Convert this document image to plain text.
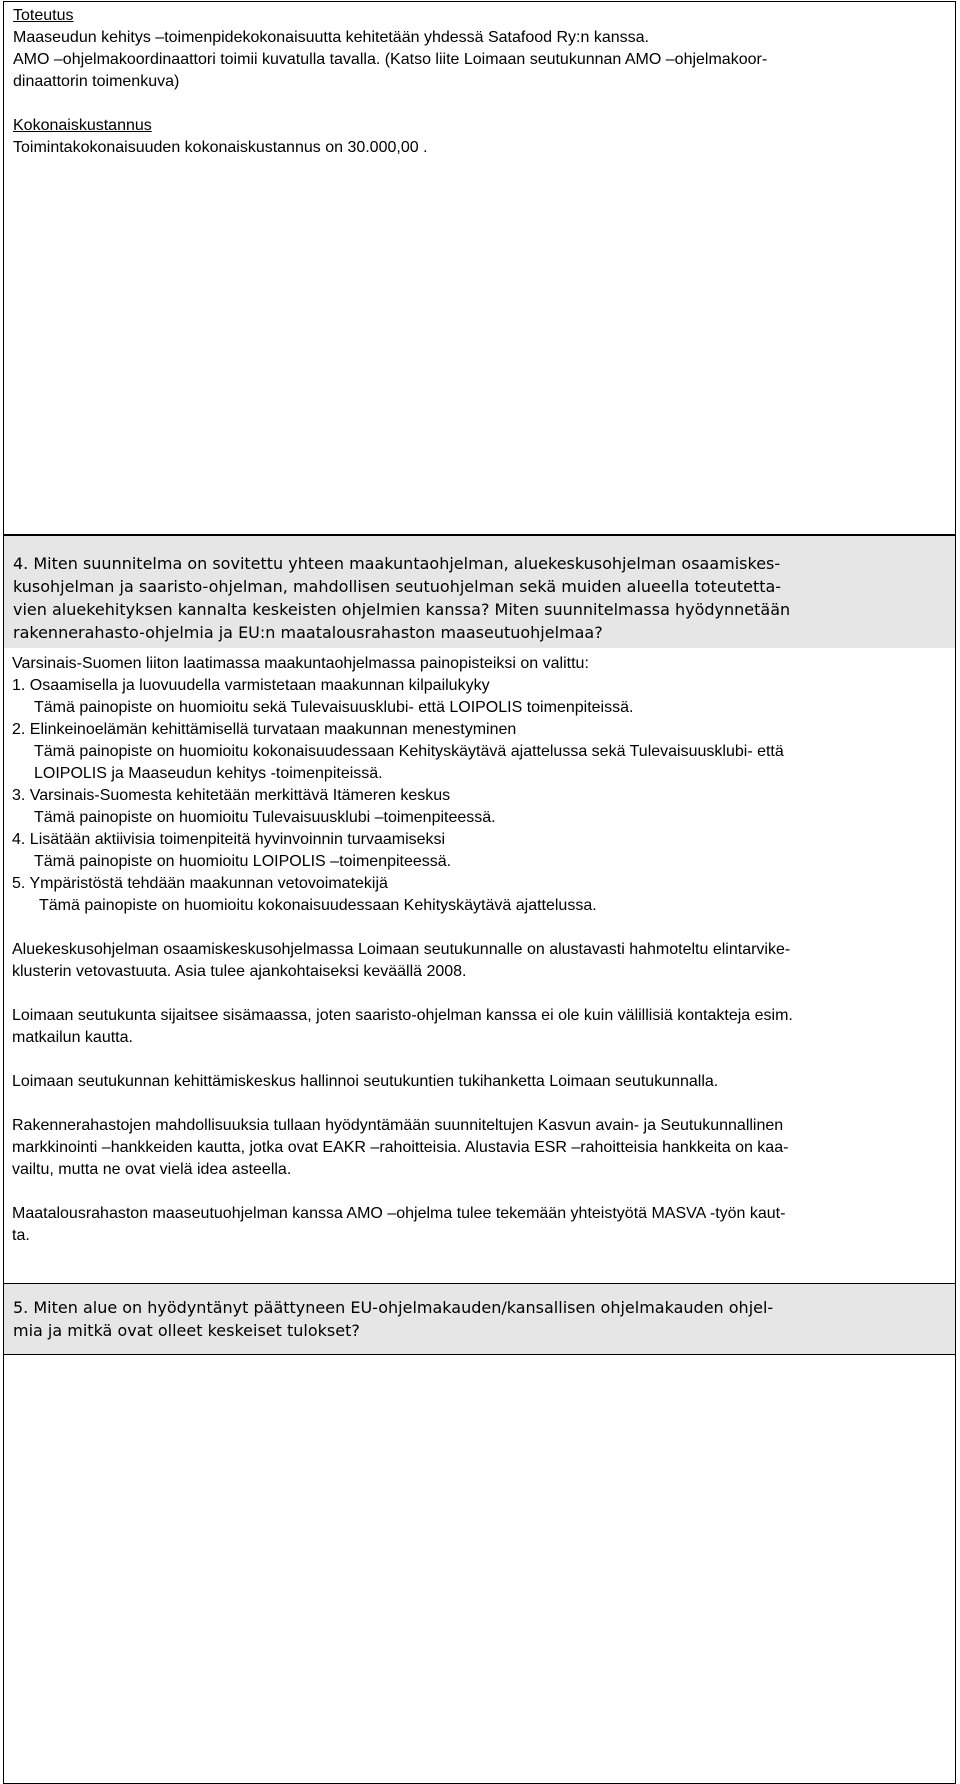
Toteutus
Maaseudun kehitys –toimenpidekokonaisuutta kehitetään yhdessä Satafood Ry:n kanssa.
AMO –ohjelmakoordinaattori toimii kuvatulla tavalla. (Katso liite Loimaan seutukunnan AMO –ohjelmakoor-
dinaattorin toimenkuva)
Kokonaiskustannus
Toimintakokonaisuuden kokonaiskustannus on 30.000,00 .
4. Miten suunnitelma on sovitettu yhteen maakuntaohjelman, aluekeskusohjelman osaamiskes-
kusohjelman ja saaristo-ohjelman, mahdollisen seutuohjelman sekä muiden alueella toteutetta-
vien aluekehityksen kannalta keskeisten ohjelmien kanssa? Miten suunnitelmassa hyödynnetään
rakennerahasto-ohjelmia ja EU:n maatalousrahaston maaseutuohjelmaa?
Varsinais-Suomen liiton laatimassa maakuntaohjelmassa painopisteiksi on valittu:
1. Osaamisella ja luovuudella varmistetaan maakunnan kilpailukyky
Tämä painopiste on huomioitu sekä Tulevaisuusklubi- että LOIPOLIS toimenpiteissä.
2. Elinkeinoelämän kehittämisellä turvataan maakunnan menestyminen
Tämä painopiste on huomioitu kokonaisuudessaan Kehityskäytävä ajattelussa sekä Tulevaisuusklubi- että
LOIPOLIS ja Maaseudun kehitys -toimenpiteissä.
3. Varsinais-Suomesta kehitetään merkittävä Itämeren keskus
Tämä painopiste on huomioitu Tulevaisuusklubi –toimenpiteessä.
4. Lisätään aktiivisia toimenpiteitä hyvinvoinnin turvaamiseksi
Tämä painopiste on huomioitu LOIPOLIS –toimenpiteessä.
5. Ympäristöstä tehdään maakunnan vetovoimatekijä
Tämä painopiste on huomioitu kokonaisuudessaan Kehityskäytävä ajattelussa.
Aluekeskusohjelman osaamiskeskusohjelmassa Loimaan seutukunnalle on alustavasti hahmoteltu elintarvike-
klusterin vetovastuuta. Asia tulee ajankohtaiseksi keväällä 2008.
Loimaan seutukunta sijaitsee sisämaassa, joten saaristo-ohjelman kanssa ei ole kuin välillisiä kontakteja esim.
matkailun kautta.
Loimaan seutukunnan kehittämiskeskus hallinnoi seutukuntien tukihanketta Loimaan seutukunnalla.
Rakennerahastojen mahdollisuuksia tullaan hyödyntämään suunniteltujen Kasvun avain- ja Seutukunnallinen
markkinointi –hankkeiden kautta, jotka ovat EAKR –rahoitteisia. Alustavia ESR –rahoitteisia hankkeita on kaa-
vailtu, mutta ne ovat vielä idea asteella.
Maatalousrahaston maaseutuohjelman kanssa AMO –ohjelma tulee tekemään yhteistyötä MASVA -työn kaut-
ta.
5. Miten alue on hyödyntänyt päättyneen EU-ohjelmakauden/kansallisen ohjelmakauden ohjel-
mia ja mitkä ovat olleet keskeiset tulokset?
